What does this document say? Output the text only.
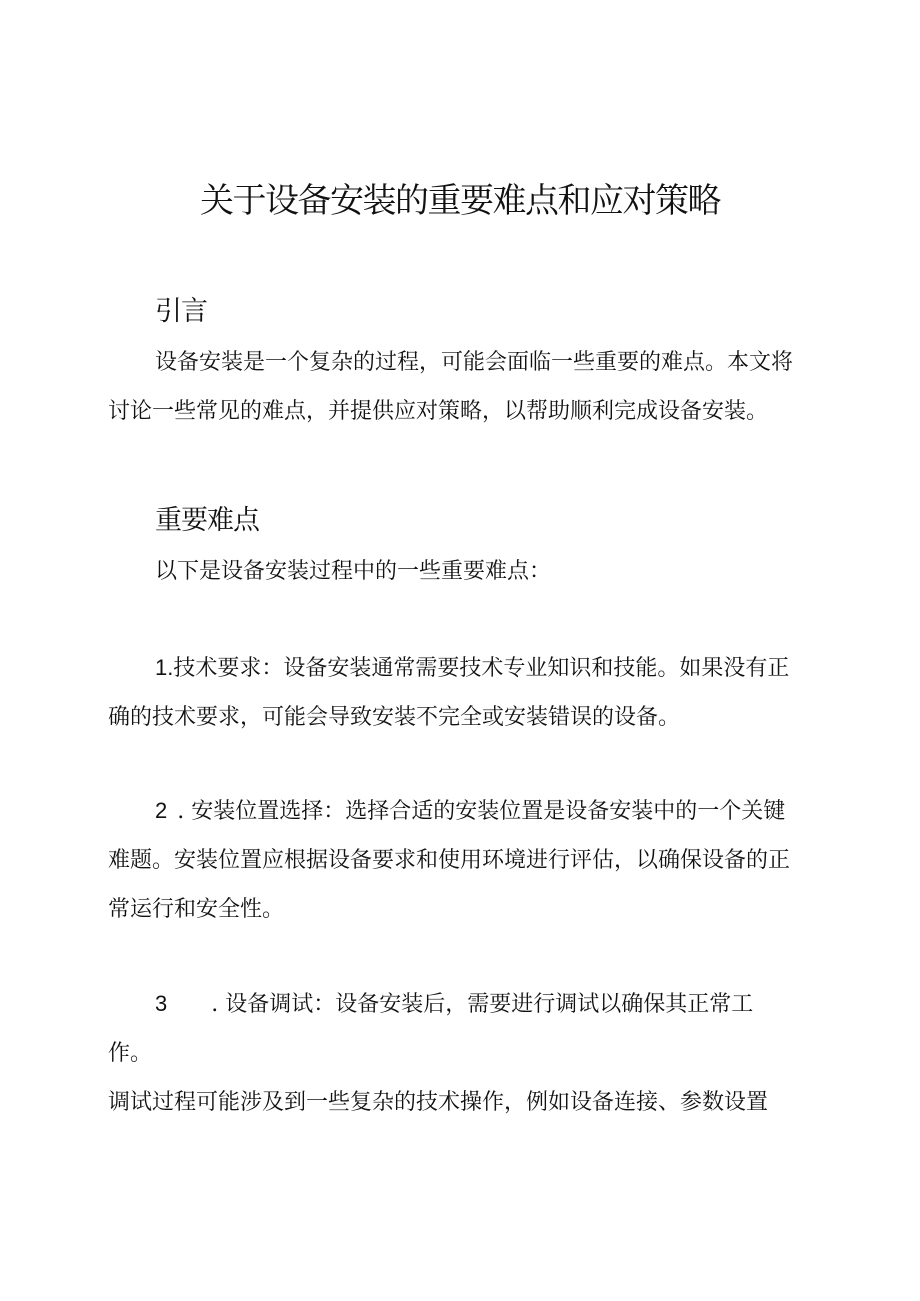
关于设备安装的重要难点和应对策略
引言
设备安装是一个复杂的过程，可能会面临一些重要的难点。本文将
讨论一些常见的难点，并提供应对策略，以帮助顺利完成设备安装。
重要难点
以下是设备安装过程中的一些重要难点：
1.技术要求：设备安装通常需要技术专业知识和技能。如果没有正
确的技术要求，可能会导致安装不完全或安装错误的设备。
2 . 安装位置选择：选择合适的安装位置是设备安装中的一个关键
难题。安装位置应根据设备要求和使用环境进行评估，以确保设备的正
常运行和安全性。
3 . 设备调试：设备安装后，需要进行调试以确保其正常工
作。
调试过程可能涉及到一些复杂的技术操作，例如设备连接、参数设置
